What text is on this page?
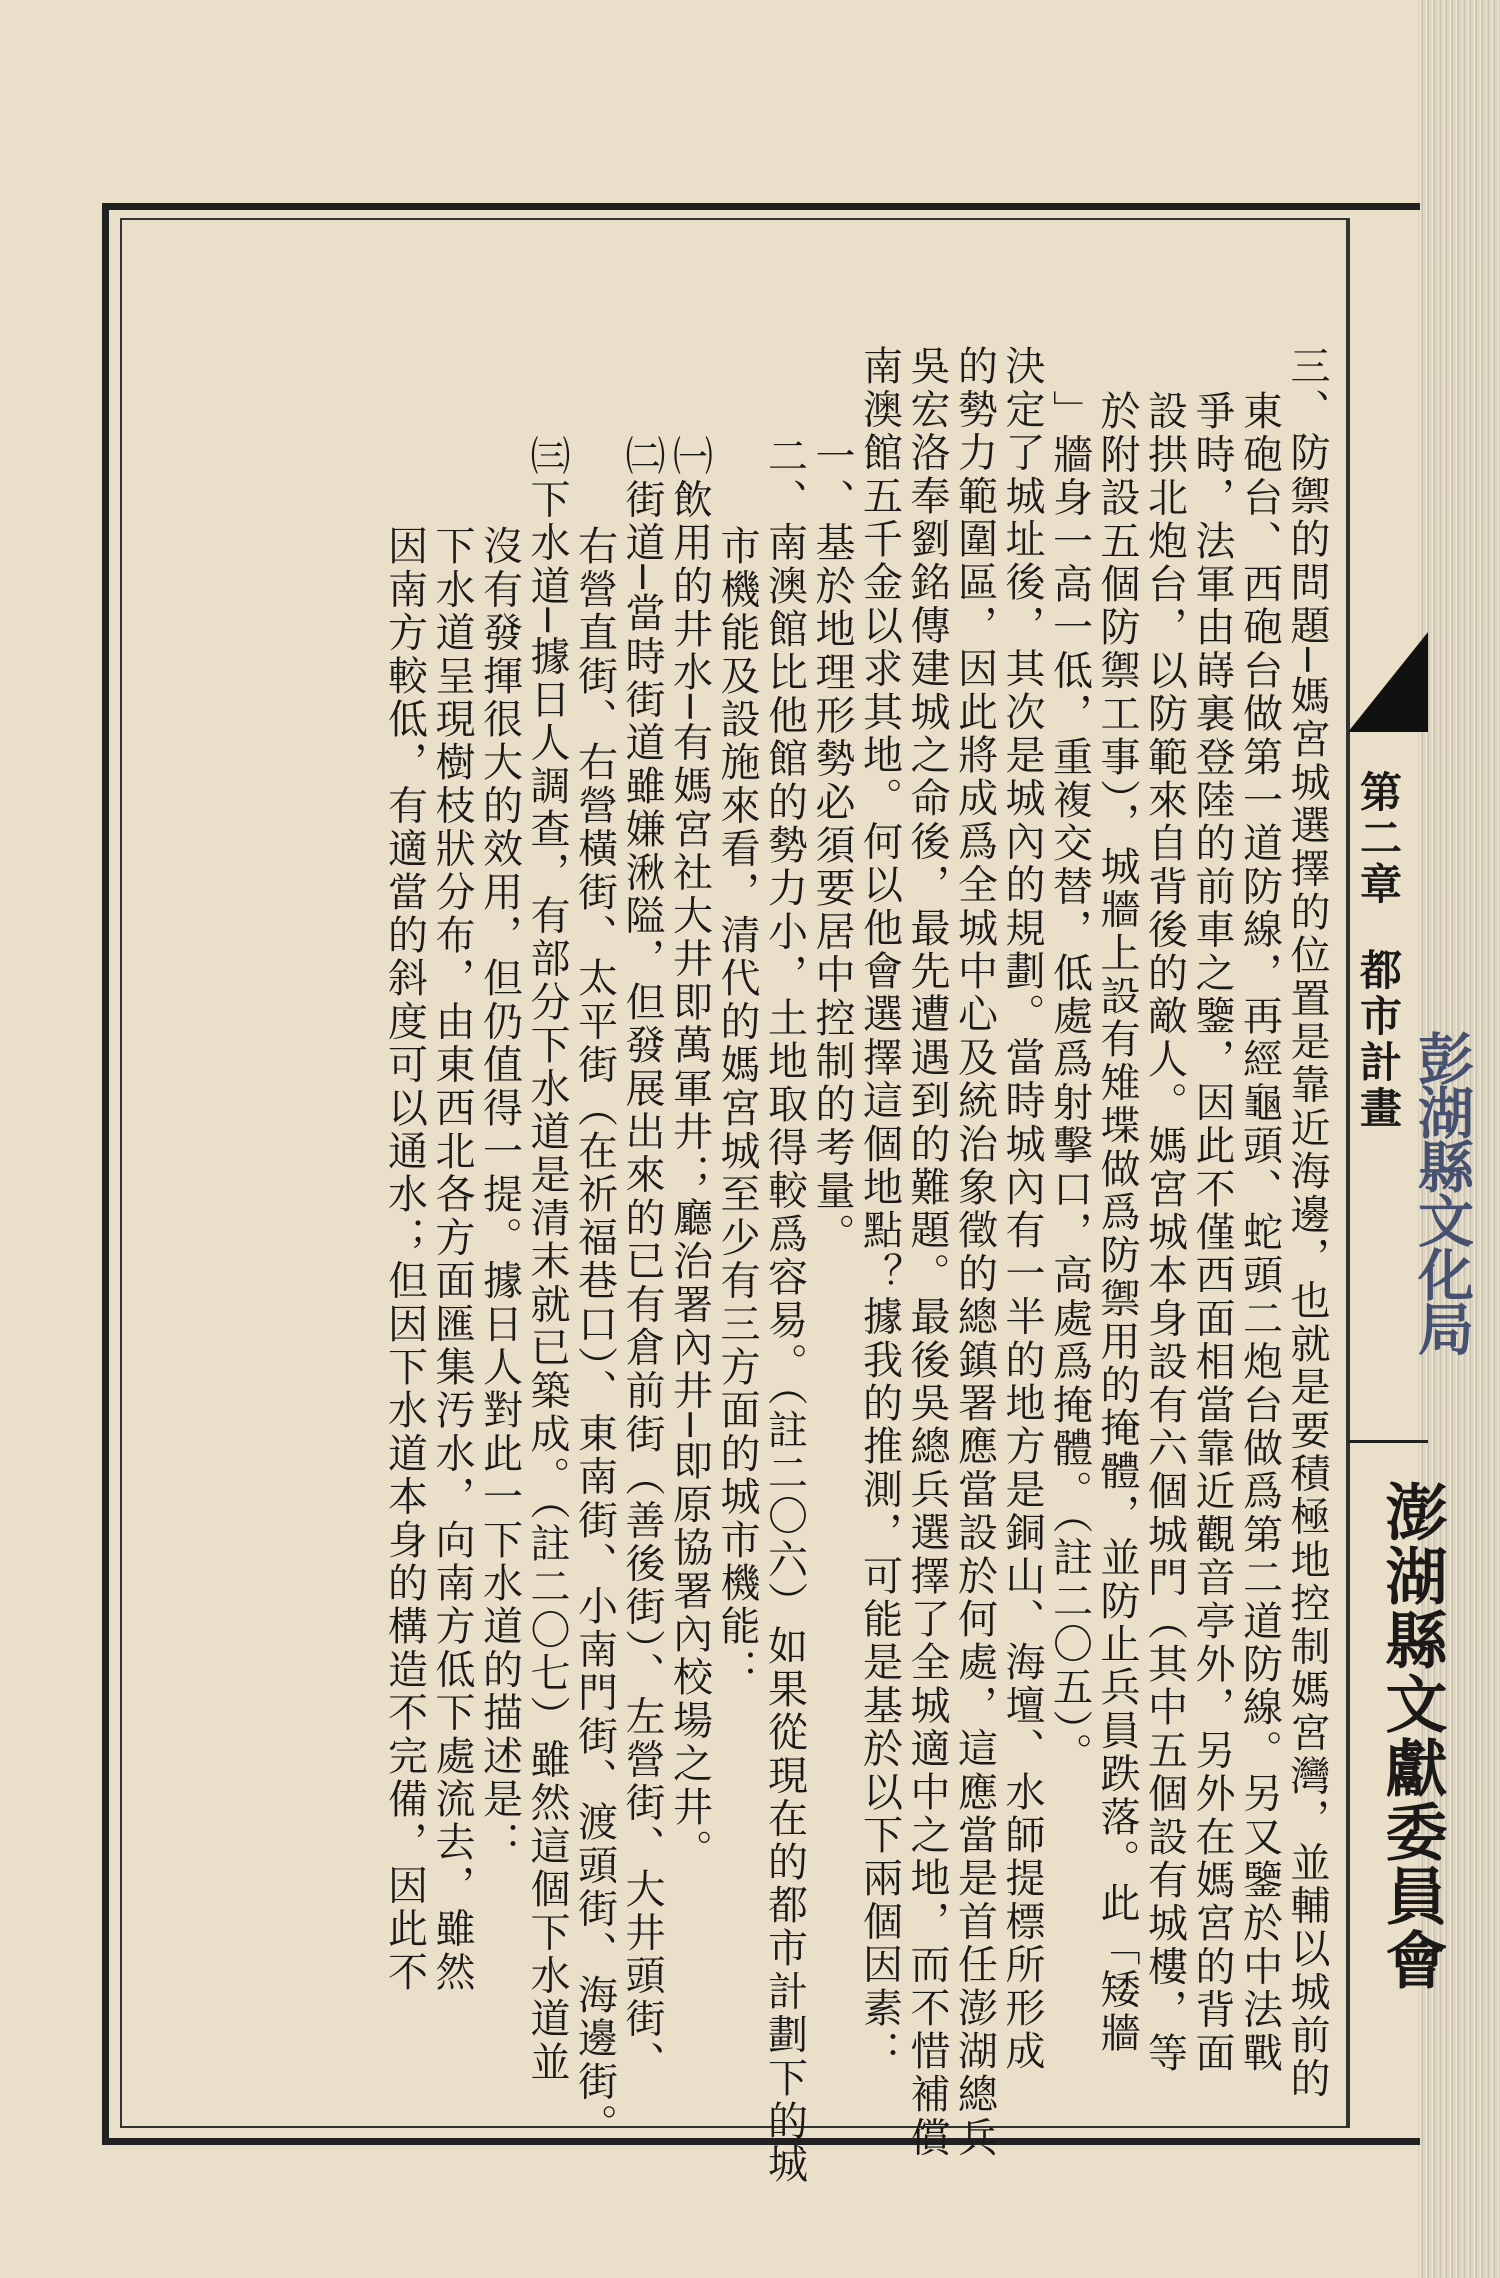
第二章都市計畫 彭湖縣文化局
澎湖縣文獻委員會

三、防禦的問題─媽宮城選擇的位置是靠近海邊，也就是要積極地控制媽宮灣，並輔以城前的

東砲台、西砲台做第一道防線，再經龜頭、蛇頭二炮台做爲第二道防線。另又鑒於中法戰

爭時，法軍由嵵裏登陸的前車之鑒，因此不僅西面相當靠近觀音亭外，另外在媽宮的背面

設拱北炮台，以防範來自背後的敵人。媽宮城本身設有六個城門（其中五個設有城樓，等

於附設五個防禦工事），城牆上設有雉堞做爲防禦用的掩體，並防止兵員跌落。此「矮牆

」牆身一高一低，重複交替，低處爲射擊口，高處爲掩體。（註二〇五）。

決定了城址後，其次是城內的規劃。當時城內有一半的地方是銅山、海壇、水師提標所形成

的勢力範圍區，因此將成爲全城中心及統治象徵的總鎮署應當設於何處，這應當是首任澎湖總兵

吳宏洛奉劉銘傳建城之命後，最先遭遇到的難題。最後吳總兵選擇了全城適中之地，而不惜補償

南澳館五千金以求其地。何以他會選擇這個地點？據我的推測，可能是基於以下兩個因素：

一、基於地理形勢必須要居中控制的考量。

二、南澳館比他館的勢力小，土地取得較爲容易。（註二〇六）如果從現在的都市計劃下的城

市機能及設施來看，清代的媽宮城至少有三方面的城市機能：

㈠飲用的井水─有媽宮社大井即萬軍井；廳治署內井─即原協署內校場之井。

㈡街道─當時街道雖嫌湫隘，但發展出來的已有倉前街（善後街）、左營街、大井頭街、

右營直街、右營橫街、太平街（在祈福巷口）、東南街、小南門街、渡頭街、海邊街。

㈢下水道─據日人調查，有部分下水道是清末就已築成。（註二〇七）雖然這個下水道並

沒有發揮很大的效用，但仍值得一提。據日人對此一下水道的描述是：

下水道呈現樹枝狀分布，由東西北各方面匯集汚水，向南方低下處流去，雖然

因南方較低，有適當的斜度可以通水；但因下水道本身的構造不完備，因此不
